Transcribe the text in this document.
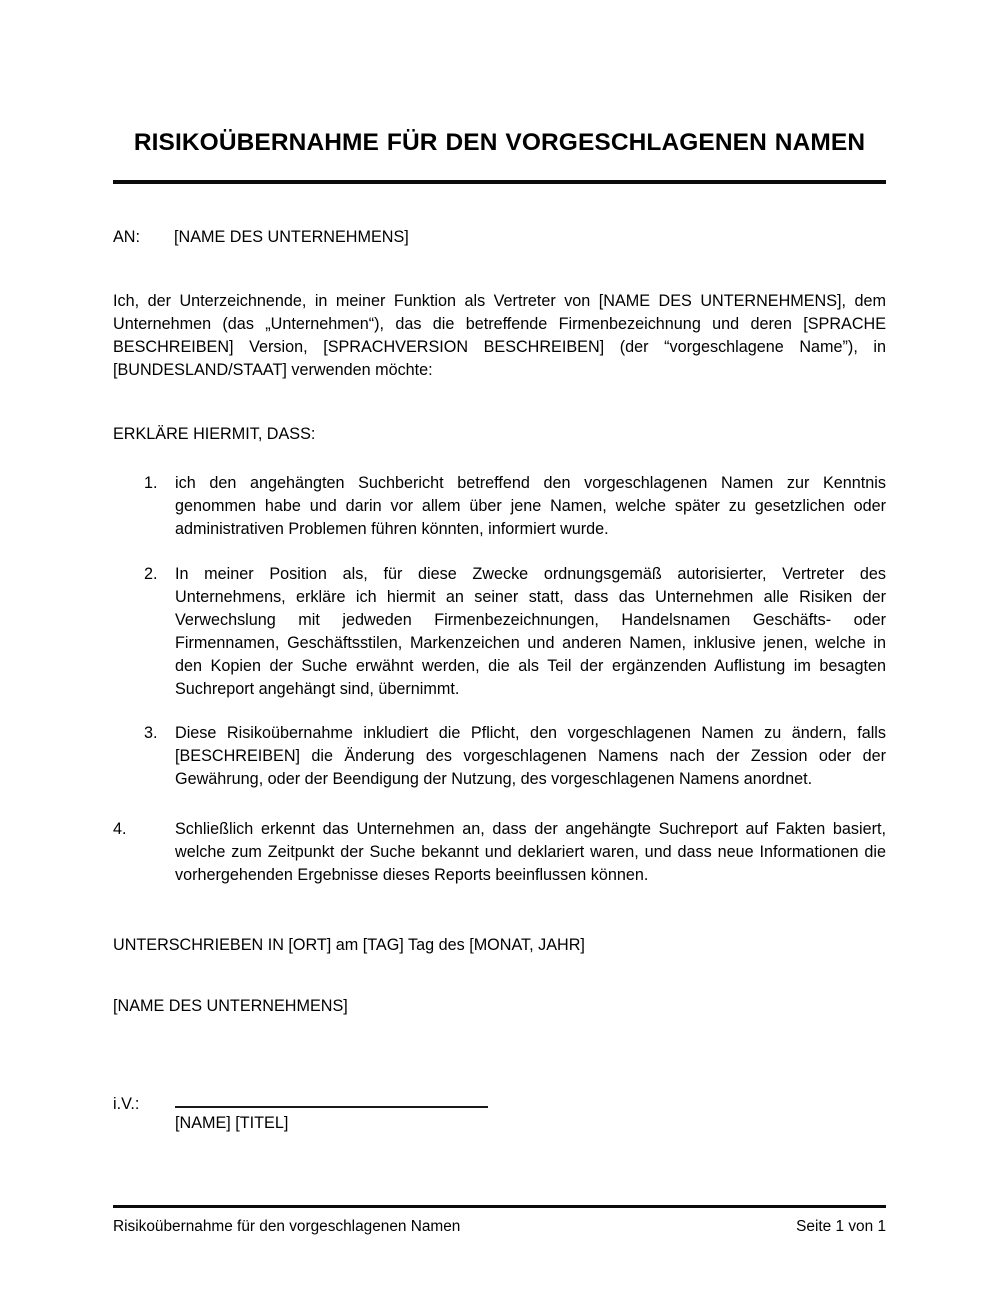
RISIKOÜBERNAHME FÜR DEN VORGESCHLAGENEN NAMEN
AN:	[NAME DES UNTERNEHMENS]

Ich, der Unterzeichnende, in meiner Funktion als Vertreter von [NAME DES UNTERNEHMENS], dem Unternehmen (das „Unternehmen“), das die betreffende Firmenbezeichnung und deren [SPRACHE BESCHREIBEN] Version, [SPRACHVERSION BESCHREIBEN] (der “vorgeschlagene Name”), in [BUNDESLAND/STAAT] verwenden möchte:

ERKLÄRE HIERMIT, DASS:

1.	ich den angehängten Suchbericht betreffend den vorgeschlagenen Namen zur Kenntnis genommen habe und darin vor allem über jene Namen, welche später zu gesetzlichen oder administrativen Problemen führen könnten, informiert wurde.
2.	In meiner Position als, für diese Zwecke ordnungsgemäß autorisierter, Vertreter des Unternehmens, erkläre ich hiermit an seiner statt, dass das Unternehmen alle Risiken der Verwechslung mit jedweden Firmenbezeichnungen, Handelsnamen Geschäfts- oder Firmennamen, Geschäftsstilen, Markenzeichen und anderen Namen, inklusive jenen, welche in den Kopien der Suche erwähnt werden, die als Teil der ergänzenden Auflistung im besagten Suchreport angehängt sind, übernimmt.
3.	Diese Risikoübernahme inkludiert die Pflicht, den vorgeschlagenen Namen zu ändern, falls [BESCHREIBEN] die Änderung des vorgeschlagenen Namens nach der Zession oder der Gewährung, oder der Beendigung der Nutzung, des vorgeschlagenen Namens anordnet.
4.	Schließlich erkennt das Unternehmen an, dass der angehängte Suchreport auf Fakten basiert, welche zum Zeitpunkt der Suche bekannt und deklariert waren, und dass neue Informationen die vorhergehenden Ergebnisse dieses Reports beeinflussen können.

UNTERSCHRIEBEN IN [ORT] am [TAG] Tag des [MONAT, JAHR]

[NAME DES UNTERNEHMENS]

i.V.:
[NAME] [TITEL]
Risikoübernahme für den vorgeschlagenen Namen	Seite 1 von 1
